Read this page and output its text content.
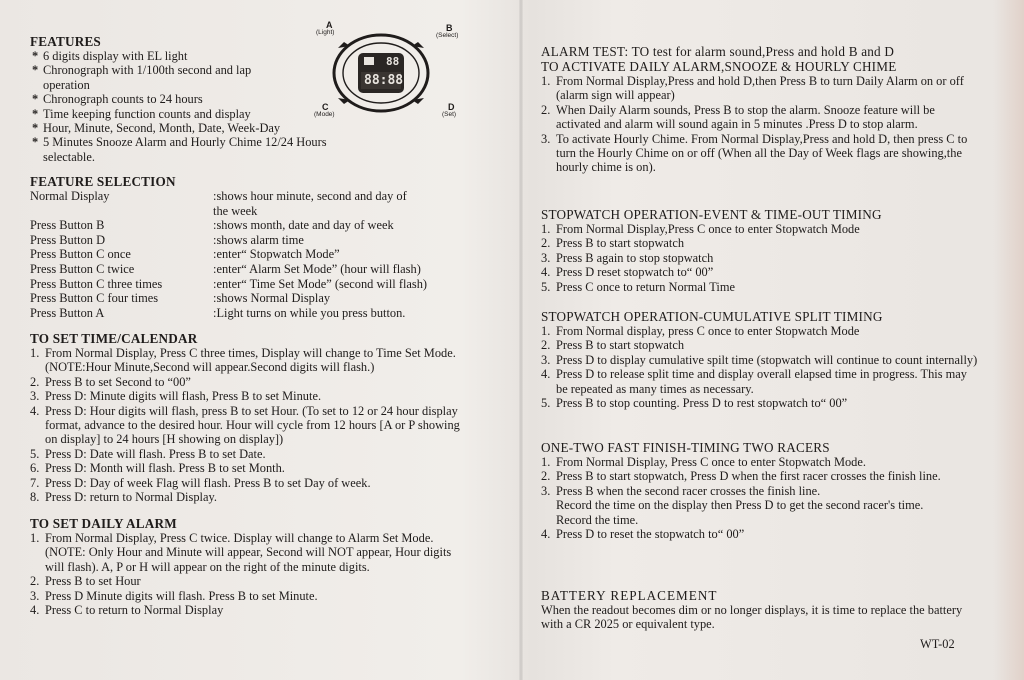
FEATURES
* 6 digits display with EL light
* Chronograph with 1/100th second and lap operation
* Chronograph counts to 24 hours
* Time keeping function counts and display
* Hour, Minute, Second, Month, Date, Week-Day
* 5 Minutes Snooze Alarm and Hourly Chime 12/24 Hours selectable.
FEATURE SELECTION
Normal Display	:shows hour minute, second and day of the week
Press Button B	:shows month, date and day of week
Press Button D	:shows alarm time
Press Button C once	:enter“ Stopwatch Mode”
Press Button C twice	:enter“ Alarm Set Mode” (hour will flash)
Press Button C three times	:enter“ Time Set Mode” (second will flash)
Press Button C four times	:shows Normal Display
Press Button A	:Light turns on while you press button.
TO SET TIME/CALENDAR
1. From Normal Display, Press C three times, Display will change to Time Set Mode.(NOTE:Hour Minute,Second will appear.Second digits will flash.)
2. Press B to set Second to “00”
3. Press D: Minute digits will flash, Press B to set Minute.
4. Press D: Hour digits will flash, press B to set Hour. (To set to 12 or 24 hour display format, advance to the desired hour. Hour will cycle from 12 hours [A or P showing on display] to 24 hours [H showing on display])
5. Press D: Date will flash. Press B to set Date.
6. Press D: Month will flash. Press B to set Month.
7. Press D: Day of week Flag will flash. Press B to set Day of week.
8. Press D: return to Normal Display.
TO SET DAILY ALARM
1. From Normal Display, Press C twice. Display will change to Alarm Set Mode. (NOTE: Only Hour and Minute will appear, Second will NOT appear, Hour digits will flash). A, P or H will appear on the right of the minute digits.
2. Press B to set Hour
3. Press D Minute digits will flash. Press B to set Minute.
4. Press C to return to Normal Display
88
88:88
A
(Light)	B
(Select)
C
(Mode)
D
(Set)
ALARM TEST: TO test for alarm sound,Press and hold B and D
TO ACTIVATE DAILY ALARM,SNOOZE & HOURLY CHIME
1. From Normal Display,Press and hold D,then Press B to turn Daily Alarm on or off (alarm sign will appear)
2. When Daily Alarm sounds, Press B to stop the alarm. Snooze feature will be activated and alarm will sound again in 5 minutes .Press D to stop alarm.
3. To activate Hourly Chime. From Normal Display,Press and hold D, then press C to turn the Hourly Chime on or off (When all the Day of Week flags are showing,the hourly chime is on).
STOPWATCH OPERATION-EVENT & TIME-OUT TIMING
1. From Normal Display,Press C once to enter Stopwatch Mode
2. Press B to start stopwatch
3. Press B again to stop stopwatch
4. Press D reset stopwatch to“ 00”
5. Press C once to return Normal Time
STOPWATCH OPERATION-CUMULATIVE SPLIT TIMING
1. From Normal display, press C once to enter Stopwatch Mode
2. Press B to start stopwatch
3. Press D to display cumulative spilt time (stopwatch will continue to count internally)
4. Press D to release split time and display overall elapsed time in progress. This may be repeated as many times as necessary.
5. Press B to stop counting. Press D to rest stopwatch to“ 00”
ONE-TWO FAST FINISH-TIMING TWO RACERS
1. From Normal Display, Press C once to enter Stopwatch Mode.
2. Press B to start stopwatch, Press D when the first racer crosses the finish line.
3. Press B when the second racer crosses the finish line.
Record the time on the display then Press D to get the second racer's time.
Record the time.
4. Press D to reset the stopwatch to“ 00”
BATTERY REPLACEMENT
When the readout becomes dim or no longer displays, it is time to replace the battery with a CR 2025 or equivalent type.
WT-02
